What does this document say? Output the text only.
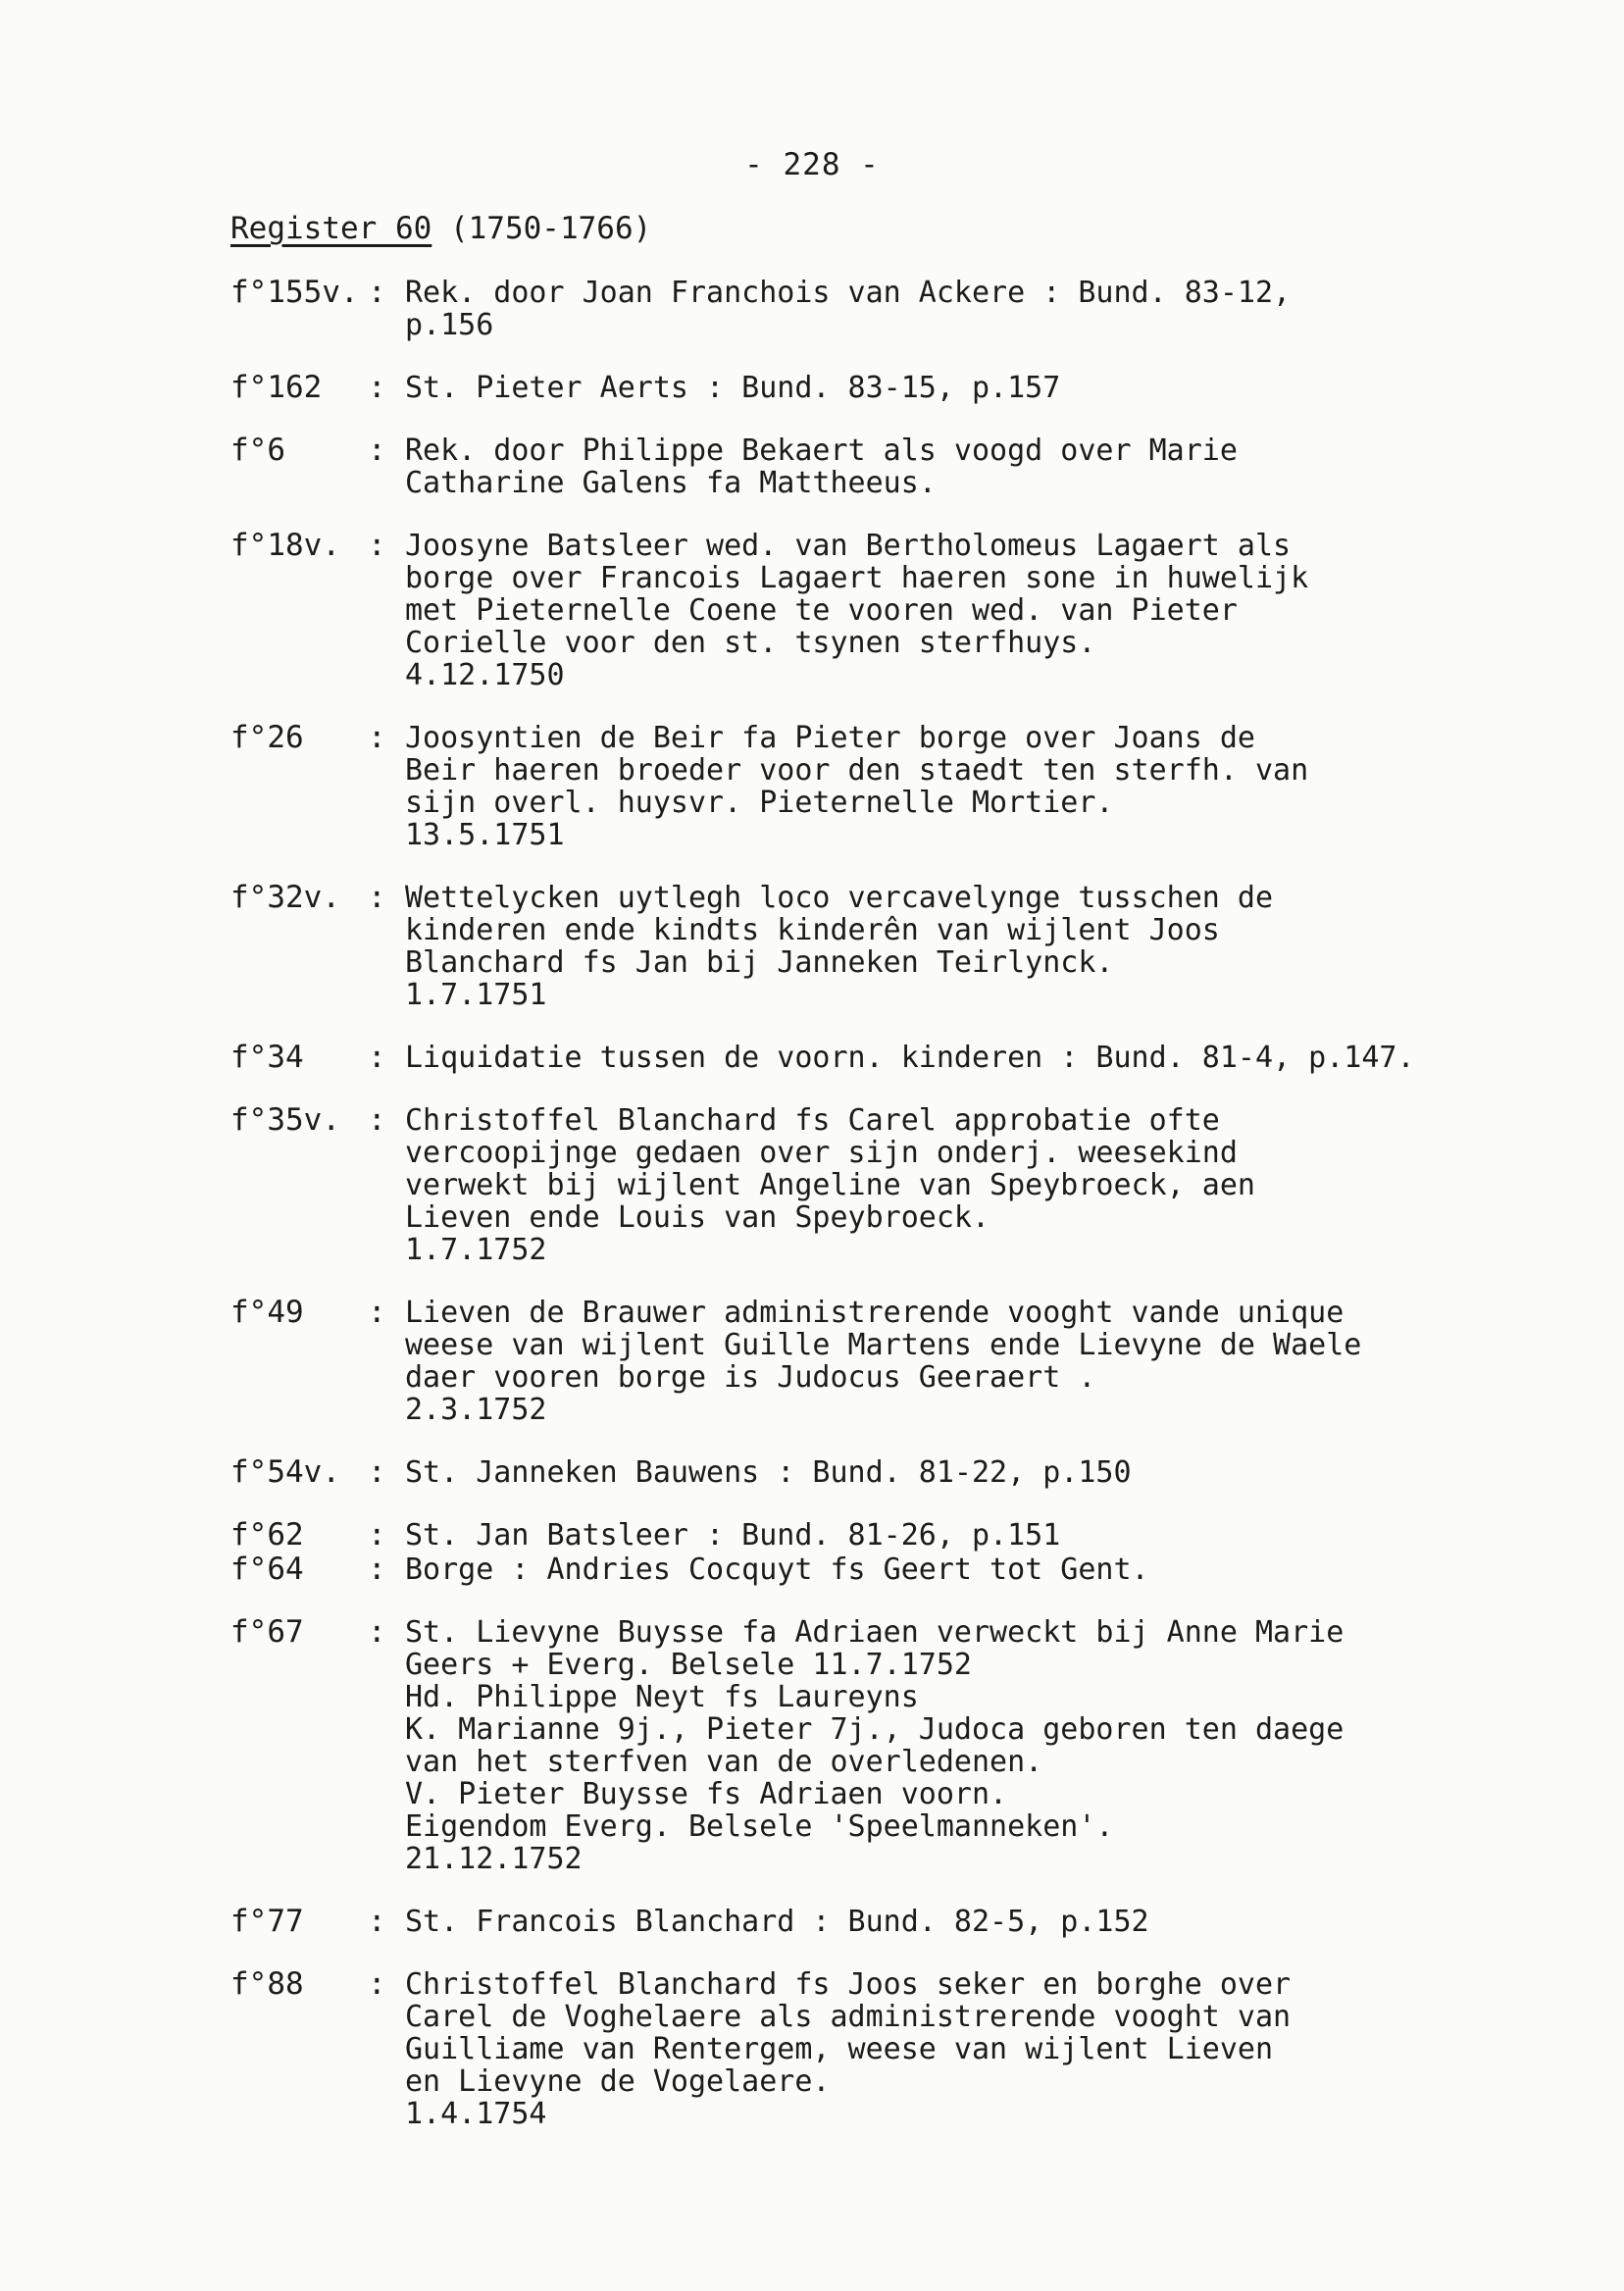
- 228 -
Register 60 (1750-1766)
f°155v. : Rek. door Joan Franchois van Ackere : Bund. 83-12,
p.156
f°162	: St. Pieter Aerts : Bund. 83-15, p.157
f°6	: Rek. door Philippe Bekaert als voogd over Marie
Catharine Galens fa Mattheeus.
f°18v. : Joosyne Batsleer wed. van Bertholomeus Lagaert als
borge over Francois Lagaert haeren sone in huwelijk
met Pieternelle Coene te vooren wed. van Pieter
Corielle voor den st. tsynen sterfhuys.
4.12.1750
f°26	: Joosyntien de Beir fa Pieter borge over Joans de
Beir haeren broeder voor den staedt ten sterfh. van
sijn overl. huysvr. Pieternelle Mortier.
13.5.1751
f°32v. : Wettelycken uytlegh loco vercavelynge tusschen de
kinderen ende kindts kinderên van wijlent Joos
Blanchard fs Jan bij Janneken Teirlynck.
1.7.1751
f°34	: Liquidatie tussen de voorn. kinderen : Bund. 81-4, p.147.
f°35v. : Christoffel Blanchard fs Carel approbatie ofte
vercoopijnge gedaen over sijn onderj. weesekind
verwekt bij wijlent Angeline van Speybroeck, aen
Lieven ende Louis van Speybroeck.
1.7.1752
f°49	: Lieven de Brauwer administrerende vooght vande unique
weese van wijlent Guille Martens ende Lievyne de Waele
daer vooren borge is Judocus Geeraert .
2.3.1752
f°54v. : St. Janneken Bauwens : Bund. 81-22, p.150
f°62	: St. Jan Batsleer : Bund. 81-26, p.151
f°64	: Borge : Andries Cocquyt fs Geert tot Gent.
f°67	: St. Lievyne Buysse fa Adriaen verweckt bij Anne Marie
Geers + Everg. Belsele 11.7.1752
Hd. Philippe Neyt fs Laureyns
K. Marianne 9j., Pieter 7j., Judoca geboren ten daege
van het sterfven van de overledenen.
V. Pieter Buysse fs Adriaen voorn.
Eigendom Everg. Belsele 'Speelmanneken'.
21.12.1752
f°77	: St. Francois Blanchard : Bund. 82-5, p.152
f°88	: Christoffel Blanchard fs Joos seker en borghe over
Carel de Voghelaere als administrerende vooght van
Guilliame van Rentergem, weese van wijlent Lieven
en Lievyne de Vogelaere.
1.4.1754
